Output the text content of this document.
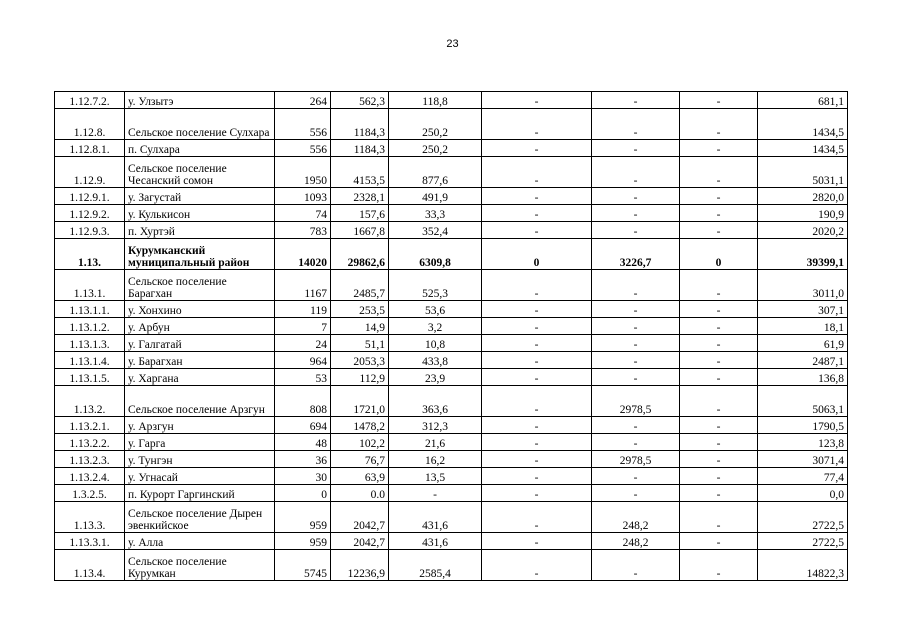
23
1.12.7.2.	у. Улзытэ	264	562,3	118,8	-	-	-	681,1
1.12.8.	Сельское поселение Сулхара	556	1184,3	250,2	-	-	-	1434,5
1.12.8.1.	п. Сулхара	556	1184,3	250,2	-	-	-	1434,5
1.12.9.	Сельское поселение Чесанский сомон	1950	4153,5	877,6	-	-	-	5031,1
1.12.9.1.	у. Загустай	1093	2328,1	491,9	-	-	-	2820,0
1.12.9.2.	у. Кулькисон	74	157,6	33,3	-	-	-	190,9
1.12.9.3.	п. Хуртэй	783	1667,8	352,4	-	-	-	2020,2
1.13.	Курумканский муниципальный район	14020	29862,6	6309,8	0	3226,7	0	39399,1
1.13.1.	Сельское поселение Барагхан	1167	2485,7	525,3	-	-	-	3011,0
1.13.1.1.	у. Хонхино	119	253,5	53,6	-	-	-	307,1
1.13.1.2.	у. Арбун	7	14,9	3,2	-	-	-	18,1
1.13.1.3.	у. Галгатай	24	51,1	10,8	-	-	-	61,9
1.13.1.4.	у. Барагхан	964	2053,3	433,8	-	-	-	2487,1
1.13.1.5.	у. Харгана	53	112,9	23,9	-	-	-	136,8
1.13.2.	Сельское поселение Арзгун	808	1721,0	363,6	-	2978,5	-	5063,1
1.13.2.1.	у. Арзгун	694	1478,2	312,3	-	-	-	1790,5
1.13.2.2.	у. Гарга	48	102,2	21,6	-	-	-	123,8
1.13.2.3.	у. Тунгэн	36	76,7	16,2	-	2978,5	-	3071,4
1.13.2.4.	у. Угнасай	30	63,9	13,5	-	-	-	77,4
1.3.2.5.	п. Курорт Гаргинский	0	0.0	-	-	-	-	0,0
1.13.3.	Сельское поселение Дырен эвенкийское	959	2042,7	431,6	-	248,2	-	2722,5
1.13.3.1.	у. Алла	959	2042,7	431,6	-	248,2	-	2722,5
1.13.4.	Сельское поселение Курумкан	5745	12236,9	2585,4	-	-	-	14822,3
